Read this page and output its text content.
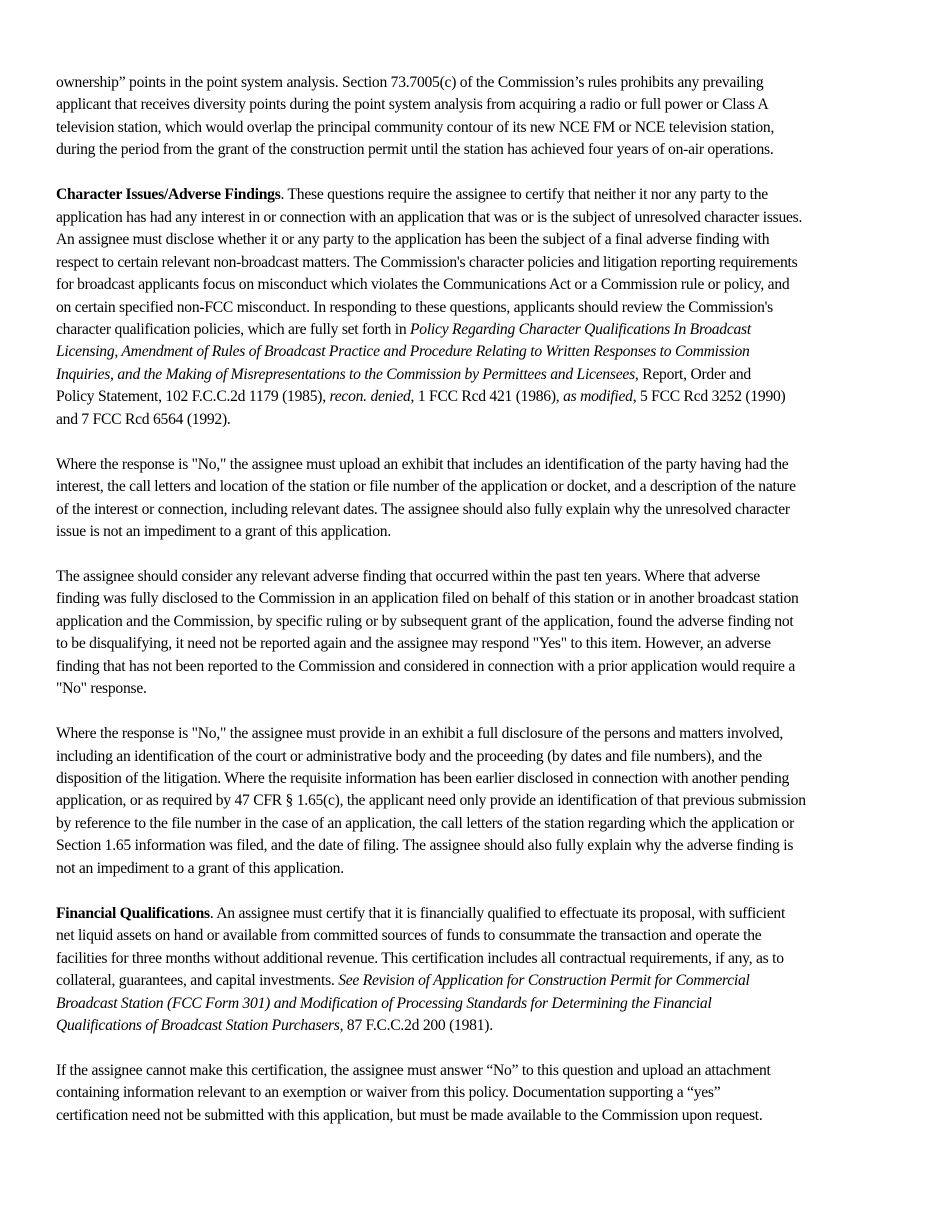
ownership” points in the point system analysis. Section 73.7005(c) of the Commission’s rules prohibits any prevailing
applicant that receives diversity points during the point system analysis from acquiring a radio or full power or Class A
television station, which would overlap the principal community contour of its new NCE FM or NCE television station,
during the period from the grant of the construction permit until the station has achieved four years of on-air operations.
Character Issues/Adverse Findings. These questions require the assignee to certify that neither it nor any party to the
application has had any interest in or connection with an application that was or is the subject of unresolved character issues.
An assignee must disclose whether it or any party to the application has been the subject of a final adverse finding with
respect to certain relevant non-broadcast matters. The Commission's character policies and litigation reporting requirements
for broadcast applicants focus on misconduct which violates the Communications Act or a Commission rule or policy, and
on certain specified non-FCC misconduct. In responding to these questions, applicants should review the Commission's
character qualification policies, which are fully set forth in Policy Regarding Character Qualifications In Broadcast
Licensing, Amendment of Rules of Broadcast Practice and Procedure Relating to Written Responses to Commission
Inquiries, and the Making of Misrepresentations to the Commission by Permittees and Licensees, Report, Order and
Policy Statement, 102 F.C.C.2d 1179 (1985), recon. denied, 1 FCC Rcd 421 (1986), as modified, 5 FCC Rcd 3252 (1990)
and 7 FCC Rcd 6564 (1992).
Where the response is "No," the assignee must upload an exhibit that includes an identification of the party having had the
interest, the call letters and location of the station or file number of the application or docket, and a description of the nature
of the interest or connection, including relevant dates. The assignee should also fully explain why the unresolved character
issue is not an impediment to a grant of this application.
The assignee should consider any relevant adverse finding that occurred within the past ten years. Where that adverse
finding was fully disclosed to the Commission in an application filed on behalf of this station or in another broadcast station
application and the Commission, by specific ruling or by subsequent grant of the application, found the adverse finding not
to be disqualifying, it need not be reported again and the assignee may respond "Yes" to this item. However, an adverse
finding that has not been reported to the Commission and considered in connection with a prior application would require a
"No" response.
Where the response is "No," the assignee must provide in an exhibit a full disclosure of the persons and matters involved,
including an identification of the court or administrative body and the proceeding (by dates and file numbers), and the
disposition of the litigation. Where the requisite information has been earlier disclosed in connection with another pending
application, or as required by 47 CFR § 1.65(c), the applicant need only provide an identification of that previous submission
by reference to the file number in the case of an application, the call letters of the station regarding which the application or
Section 1.65 information was filed, and the date of filing. The assignee should also fully explain why the adverse finding is
not an impediment to a grant of this application.
Financial Qualifications. An assignee must certify that it is financially qualified to effectuate its proposal, with sufficient
net liquid assets on hand or available from committed sources of funds to consummate the transaction and operate the
facilities for three months without additional revenue. This certification includes all contractual requirements, if any, as to
collateral, guarantees, and capital investments. See Revision of Application for Construction Permit for Commercial
Broadcast Station (FCC Form 301) and Modification of Processing Standards for Determining the Financial
Qualifications of Broadcast Station Purchasers, 87 F.C.C.2d 200 (1981).
If the assignee cannot make this certification, the assignee must answer “No” to this question and upload an attachment
containing information relevant to an exemption or waiver from this policy. Documentation supporting a “yes”
certification need not be submitted with this application, but must be made available to the Commission upon request.
